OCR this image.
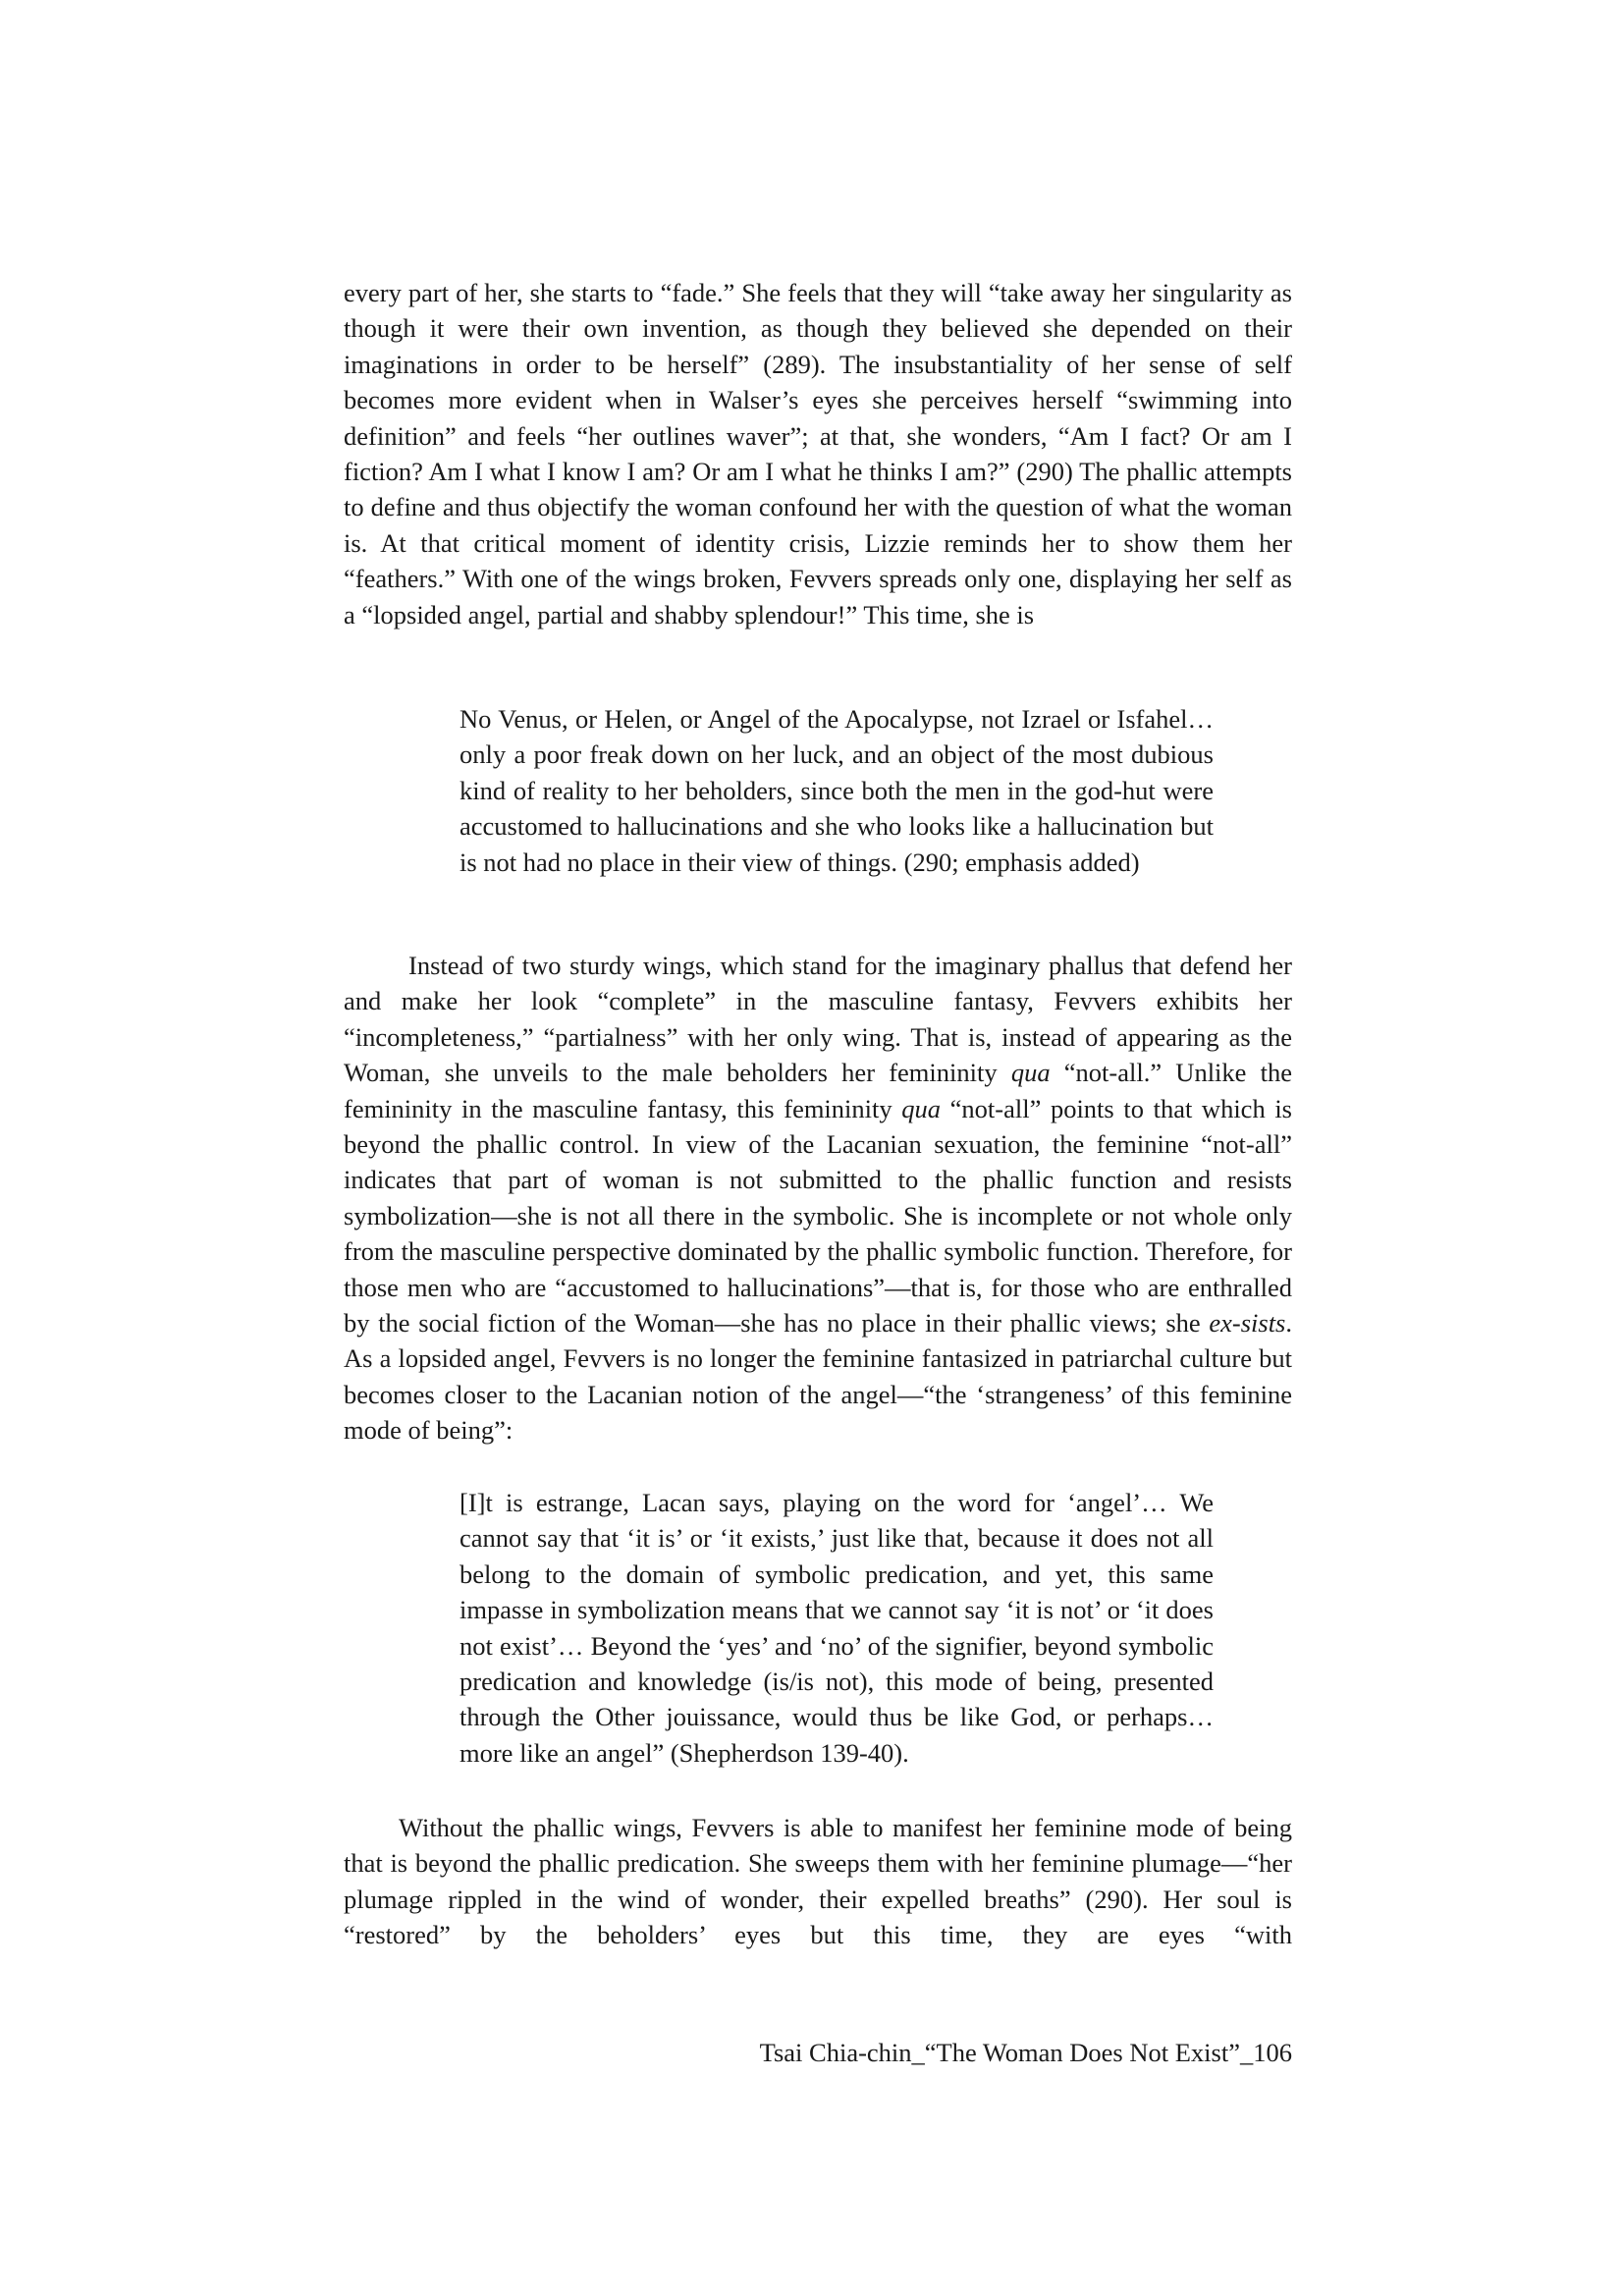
every part of her, she starts to “fade.” She feels that they will “take away her singularity as though it were their own invention, as though they believed she depended on their imaginations in order to be herself” (289). The insubstantiality of her sense of self becomes more evident when in Walser’s eyes she perceives herself “swimming into definition” and feels “her outlines waver”; at that, she wonders, “Am I fact? Or am I fiction? Am I what I know I am? Or am I what he thinks I am?” (290) The phallic attempts to define and thus objectify the woman confound her with the question of what the woman is. At that critical moment of identity crisis, Lizzie reminds her to show them her “feathers.” With one of the wings broken, Fevvers spreads only one, displaying her self as a “lopsided angel, partial and shabby splendour!” This time, she is

No Venus, or Helen, or Angel of the Apocalypse, not Izrael or Isfahel… only a poor freak down on her luck, and an object of the most dubious kind of reality to her beholders, since both the men in the god-hut were accustomed to hallucinations and she who looks like a hallucination but is not had no place in their view of things. (290; emphasis added)

Instead of two sturdy wings, which stand for the imaginary phallus that defend her and make her look “complete” in the masculine fantasy, Fevvers exhibits her “incompleteness,” “partialness” with her only wing. That is, instead of appearing as the Woman, she unveils to the male beholders her femininity qua “not-all.” Unlike the femininity in the masculine fantasy, this femininity qua “not-all” points to that which is beyond the phallic control. In view of the Lacanian sexuation, the feminine “not-all” indicates that part of woman is not submitted to the phallic function and resists symbolization—she is not all there in the symbolic. She is incomplete or not whole only from the masculine perspective dominated by the phallic symbolic function. Therefore, for those men who are “accustomed to hallucinations”—that is, for those who are enthralled by the social fiction of the Woman—she has no place in their phallic views; she ex-sists. As a lopsided angel, Fevvers is no longer the feminine fantasized in patriarchal culture but becomes closer to the Lacanian notion of the angel—“the ‘strangeness’ of this feminine mode of being”:

[I]t is estrange, Lacan says, playing on the word for ‘angel’… We cannot say that ‘it is’ or ‘it exists,’ just like that, because it does not all belong to the domain of symbolic predication, and yet, this same impasse in symbolization means that we cannot say ‘it is not’ or ‘it does not exist’… Beyond the ‘yes’ and ‘no’ of the signifier, beyond symbolic predication and knowledge (is/is not), this mode of being, presented through the Other jouissance, would thus be like God, or perhaps… more like an angel” (Shepherdson 139-40).

Without the phallic wings, Fevvers is able to manifest her feminine mode of being that is beyond the phallic predication. She sweeps them with her feminine plumage—“her plumage rippled in the wind of wonder, their expelled breaths” (290). Her soul is “restored” by the beholders’ eyes but this time, they are eyes “with

Tsai Chia-chin_“The Woman Does Not Exist”_106
